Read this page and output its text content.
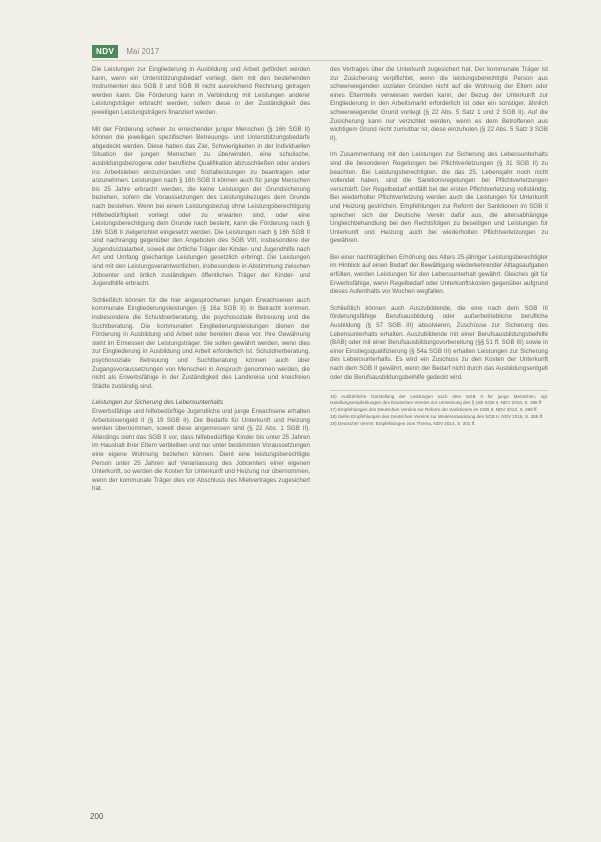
NDV	Mai 2017

Die Leistungen zur Eingliederung in Ausbildung und Arbeit gefördert werden kann, wenn ein Unterstützungsbedarf vorliegt, dem mit den bestehenden Instrumenten des SGB II und SGB III nicht ausreichend Rechnung getragen werden kann. Die Förderung kann in Verbindung mit Leistungen anderer Leistungsträger erbracht werden, sofern diese in der Zuständigkeit des jeweiligen Leistungsträgers finanziert werden.

Mit der Förderung schwer zu erreichender junger Menschen (§ 16h SGB II) können die jeweiligen spezifischen Betreuungs- und Unterstützungsbedarfe abgedeckt werden. Diese haben das Ziel, Schwierigkeiten in der individuellen Situation der jungen Menschen zu überwinden, eine schulische, ausbildungsbezogene oder berufliche Qualifikation abzuschließen oder anders ins Arbeitsleben einzumünden und Sozialleistungen zu beantragen oder anzunehmen. Leistungen nach § 16h SGB II können auch für junge Menschen bis 25 Jahre erbracht werden, die keine Leistungen der Grundsicherung beziehen, sofern die Voraussetzungen des Leistungsbezuges dem Grunde nach bestehen. Wenn bei einem Leistungsbezug ohne Leistungsberechtigung Hilfebedürftigkeit vorliegt oder zu erwarten sind, oder eine Leistungsberechtigung dem Grunde nach besteht, kann die Förderung nach § 16h SGB II zielgerichtet eingesetzt werden. Die Leistungen nach § 16h SGB II sind nachrangig gegenüber den Angeboten des SGB VIII, insbesondere der Jugendsozialarbeit, soweit der örtliche Träger der Kinder- und Jugendhilfe nach Art und Umfang gleichartige Leistungen gesetzlich erbringt. Die Leistungen sind mit den Leistungsverantwortlichen, insbesondere in Abstimmung zwischen Jobcenter und örtlich zuständigem öffentlichen Träger der Kinder- und Jugendhilfe erbracht.

Schließlich können für die hier angesprochenen jungen Erwachsenen auch kommunale Eingliederungsleistungen (§ 16a SGB II) in Betracht kommen, insbesondere die Schuldnerberatung, die psychosoziale Betreuung und die Suchtberatung. Die kommunalen Eingliederungsleistungen dienen der Förderung in Ausbildung und Arbeit oder bereiten diese vor. Ihre Gewährung steht im Ermessen der Leistungsträger. Sie sollen gewährt werden, wenn dies zur Eingliederung in Ausbildung und Arbeit erforderlich ist. Schuldnerberatung, psychosoziale Betreuung und Suchtberatung können auch über Zugangsvoraussetzungen von Menschen in Anspruch genommen werden, die nicht als Erwerbsfähige in der Zuständigkeit des Landkreise und kreisfreien Städte zuständig sind.

Leistungen zur Sicherung des Lebensunterhalts

Erwerbsfähige und hilfebedürftige Jugendliche und junge Erwachsene erhalten Arbeitslosengeld II (§ 19 SGB II). Die Bedarfe für Unterkunft und Heizung werden übernommen, soweit diese angemessen sind (§ 22 Abs. 1 SGB II). Allerdings sieht das SGB II vor, dass hilfebedürftige Kinder bis unter 25 Jahren im Haushalt ihrer Eltern verbleiben und nur unter bestimmten Voraussetzungen eine eigene Wohnung beziehen können. Dient eine leistungsberechtigte Person unter 25 Jahren auf Veranlassung des Jobcenters einer eigenen Unterkunft, so werden die Kosten für Unterkunft und Heizung nur übernommen, wenn der kommunale Träger dies vor Abschluss des Mietvertrages zugesichert hat.

des Vertrages über die Unterkunft zugesichert hat. Der kommunale Träger ist zur Zusicherung verpflichtet, wenn die leistungsberechtigte Person aus schwerwiegenden sozialen Gründen nicht auf die Wohnung der Eltern oder eines Elternteils verwiesen werden kann, der Bezug der Unterkunft zur Eingliederung in den Arbeitsmarkt erforderlich ist oder ein sonstiger, ähnlich schwerwiegender Grund vorliegt (§ 22 Abs. 5 Satz 1 und 2 SGB II). Auf die Zusicherung kann nur verzichtet werden, wenn es dem Betroffenen aus wichtigem Grund nicht zumutbar ist, diese einzuholen (§ 22 Abs. 5 Satz 3 SGB II).

Im Zusammenhang mit den Leistungen zur Sicherung des Lebensunterhalts sind die besonderen Regelungen bei Pflichtverletzungen (§ 31 SGB II) zu beachten. Bei Leistungsberechtigten, die das 25. Lebensjahr noch nicht vollendet haben, sind die Sanktionsregelungen bei Pflichtverletzungen verschärft. Der Regelbedarf entfällt bei der ersten Pflichtverletzung vollständig. Bei wiederholter Pflichtverletzung werden auch die Leistungen für Unterkunft und Heizung gestrichen. Empfehlungen zur Reform der Sanktionen im SGB II sprechen sich der Deutsche Verein dafür aus, die altersabhängige Ungleichbehandlung bei den Rechtsfolgen zu beseitigen und Leistungen für Unterkunft und Heizung auch bei wiederholten Pflichtverletzungen zu gewähren.

Bei einer nachträglichen Erhöhung des Alters 25-jähriger Leistungsberechtigter im Hinblick auf einen Bedarf der Bewältigung wiederkehrender Alltagsaufgaben erfüllen, werden Leistungen für den Lebensunterhalt gewährt. Gleiches gilt für Erwerbsfähige, wenn Regelbedarf oder Unterkunftskosten gegenüber aufgrund dieses Aufenthalts vor Wochen wegfallen.

Schließlich können auch Auszubildende, die eine nach dem SGB III förderungsfähige Berufsausbildung oder außerbetriebliche berufliche Ausbildung (§ 57 SGB III) absolvieren, Zuschüsse zur Sicherung des Lebensunterhalts erhalten. Auszubildende mit einer Berufsausbildungsbeihilfe (BAB) oder mit einer Berufsausbildungsvorbereitung (§§ 51 ff. SGB III) sowie in einer Einstiegsqualifizierung (§ 54a SGB III) erhalten Leistungen zur Sicherung des Lebensunterhalts. Es wird ein Zuschuss zu den Kosten der Unterkunft nach dem SGB II gewährt, wenn der Bedarf nicht durch das Ausbildungsentgelt oder die Berufsausbildungsbeihilfe gedeckt wird.

16) Ausführliche Darstellung der Leistungen nach dem SGB II für junge Menschen, vgl. Handlungsempfehlungen des Deutschen Vereins zur Umsetzung des § 16h SGB II, NDV 2016, S. 385 ff.
17) Empfehlungen des Deutschen Vereins zur Reform der Sanktionen im SGB II, NDV 2013, S. 289 ff.
18) Siehe Empfehlungen des Deutschen Vereins zur Weiterentwicklung des SGB II, NDV 2016, S. 385 ff.
19) Deutscher Verein: Empfehlungen zum Thema, NDV 2014, S. 201 ff.
200
